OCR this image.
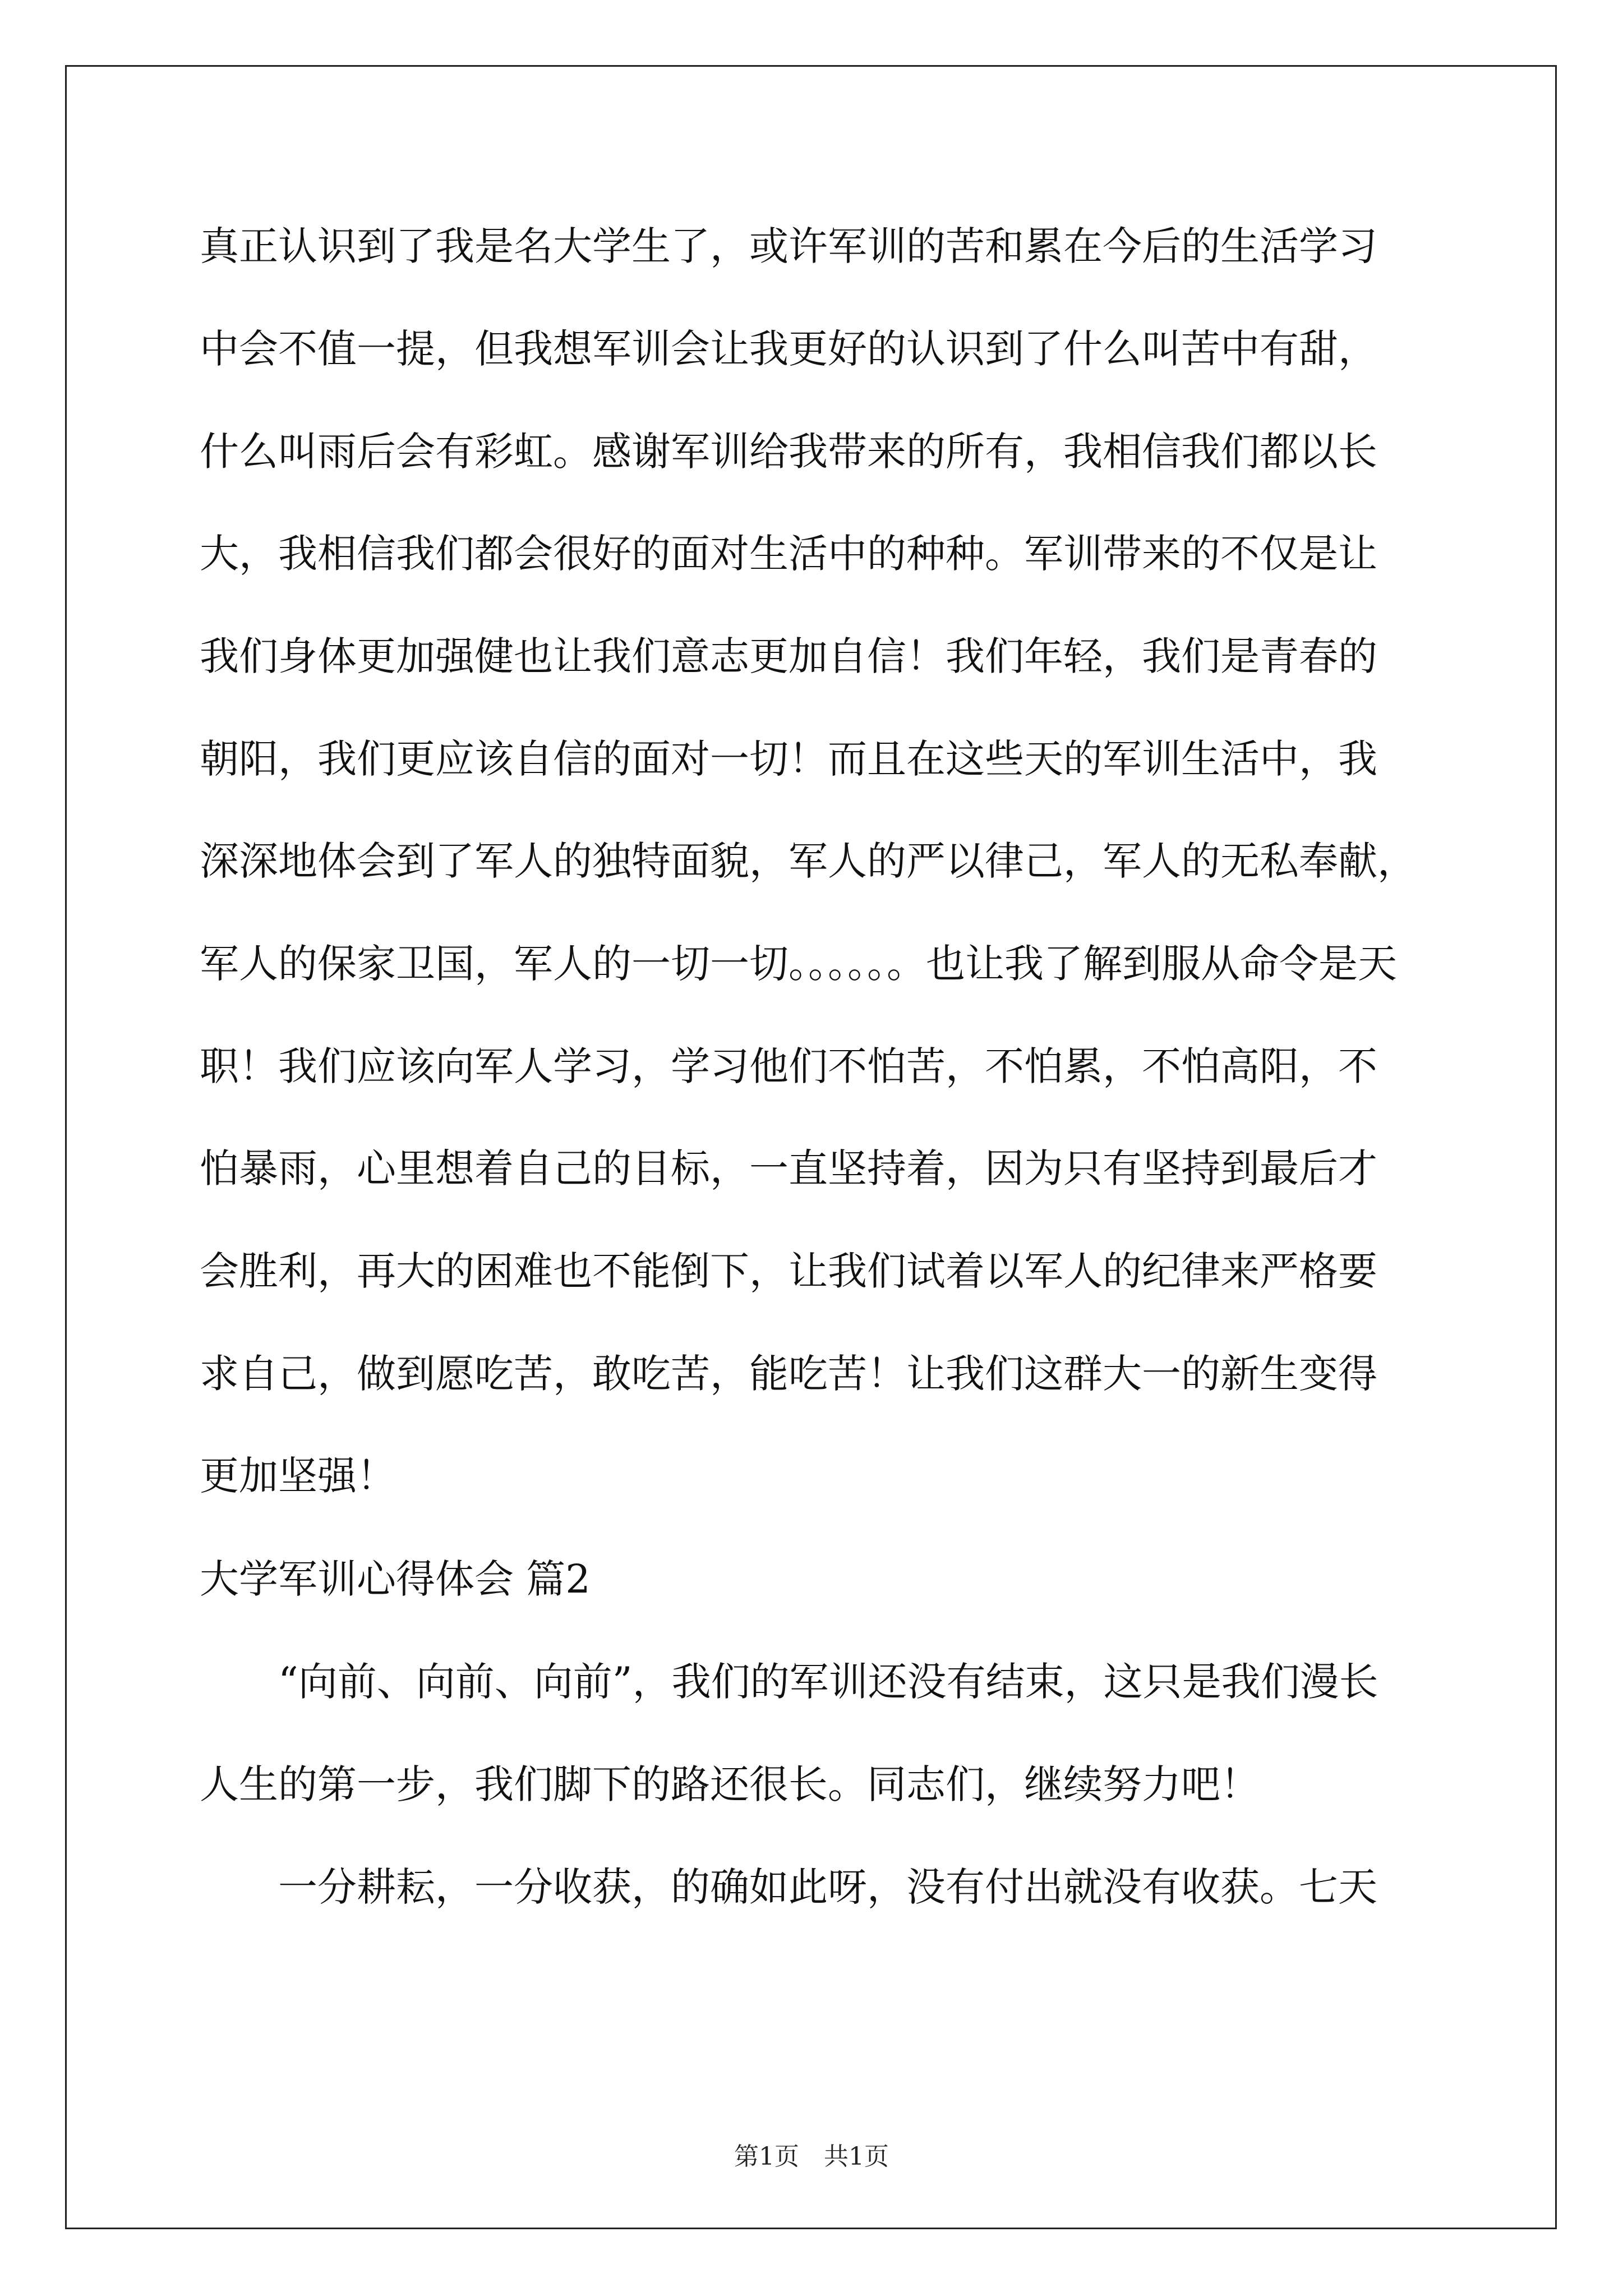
真正认识到了我是名大学生了，或许军训的苦和累在今后的生活学习
中会不值一提，但我想军训会让我更好的认识到了什么叫苦中有甜，
什么叫雨后会有彩虹。感谢军训给我带来的所有，我相信我们都以长
大，我相信我们都会很好的面对生活中的种种。军训带来的不仅是让
我们身体更加强健也让我们意志更加自信！我们年轻，我们是青春的
朝阳，我们更应该自信的面对一切！而且在这些天的军训生活中，我
深深地体会到了军人的独特面貌，军人的严以律己，军人的无私奉献，
军人的保家卫国，军人的一切一切。。。。。。也让我了解到服从命令是天
职！我们应该向军人学习，学习他们不怕苦，不怕累，不怕高阳，不
怕暴雨，心里想着自己的目标，一直坚持着，因为只有坚持到最后才
会胜利，再大的困难也不能倒下，让我们试着以军人的纪律来严格要
求自己，做到愿吃苦，敢吃苦，能吃苦！让我们这群大一的新生变得
更加坚强！
大学军训心得体会 篇2
“向前、向前、向前”，我们的军训还没有结束，这只是我们漫长
人生的第一步，我们脚下的路还很长。同志们，继续努力吧！
一分耕耘，一分收获，的确如此呀，没有付出就没有收获。七天
第1页　共1页
